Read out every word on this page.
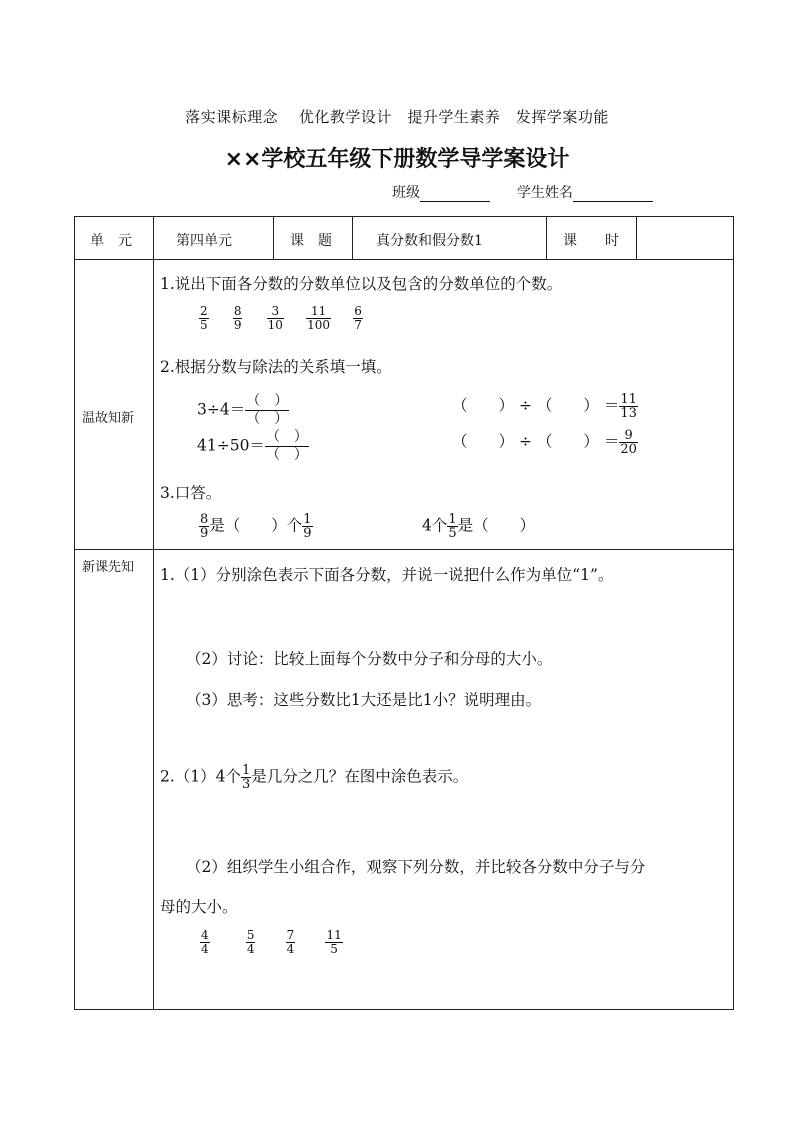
落实课标理念　 优化教学设计　提升学生素养　发挥学案功能
××学校五年级下册数学导学案设计
班级	学生姓名
单　元	第四单元	课　题	真分数和假分数1	课　　时
温故知新
1.说出下面各分数的分数单位以及包含的分数单位的个数。
$\frac{2}{5}$
$\frac{8}{9}$
$\frac{3}{10}$
$\frac{11}{100}$
$\frac{6}{7}$
2.根据分数与除法的关系填一填。
3÷4＝ （　）
（　）
（　　） ÷ （　　） ＝ $\frac{11}{13}$
41÷50＝ （　）
（　）
（　　） ÷ （　　） ＝ $\frac{9}{20}$
3.口答。
$\frac{8}{9}$ 是（　　）个 $\frac{1}{9}$	4个 $\frac{1}{5}$ 是（　　）
新课先知 1.（1）分别涂色表示下面各分数，并说一说把什么作为单位“1”。
（2）讨论：比较上面每个分数中分子和分母的大小。
（3）思考：这些分数比1大还是比1小？说明理由。
2.（1）4个 $\frac{1}{3}$ 是几分之几？在图中涂色表示。
（2）组织学生小组合作，观察下列分数，并比较各分数中分子与分
母的大小。
$\frac{4}{4}$
	$\frac{5}{4}$
	$\frac{7}{4}$
	$\frac{11}{5}$
